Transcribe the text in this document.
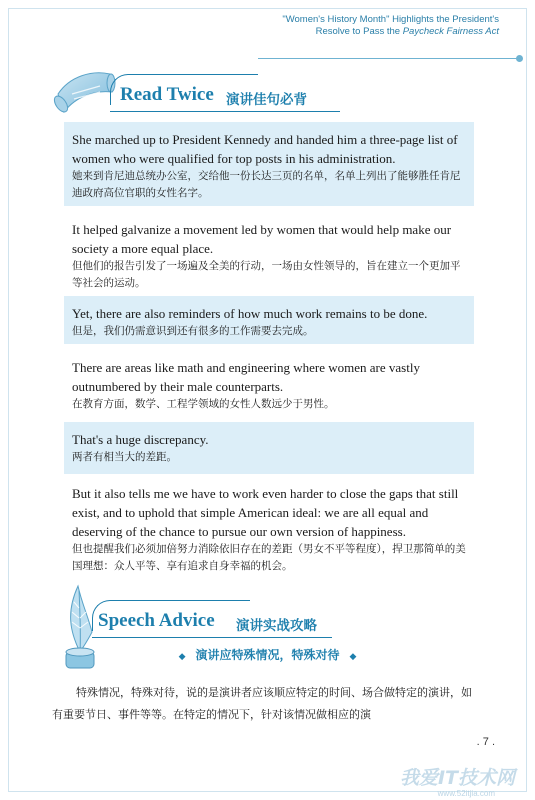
"Women's History Month" Highlights the President's
Resolve to Pass the Paycheck Fairness Act
Read Twice 演讲佳句必背

She marched up to President Kennedy and handed him a three-page list of women who were qualified for top posts in his administration.

她来到肯尼迪总统办公室，交给他一份长达三页的名单，名单上列出了能够胜任肯尼迪政府高位官职的女性名字。

It helped galvanize a movement led by women that would help make our society a more equal place.

但他们的报告引发了一场遍及全美的行动，一场由女性领导的，旨在建立一个更加平等社会的运动。

Yet, there are also reminders of how much work remains to be done.

但是，我们仍需意识到还有很多的工作需要去完成。

There are areas like math and engineering where women are vastly outnumbered by their male counterparts.

在教育方面，数学、工程学领域的女性人数远少于男性。

That's a huge discrepancy.

两者有相当大的差距。

But it also tells me we have to work even harder to close the gaps that still exist, and to uphold that simple American ideal: we are all equal and deserving of the chance to pursue our own version of happiness.

但也提醒我们必须加倍努力消除依旧存在的差距（男女不平等程度），捍卫那简单的美国理想：众人平等、享有追求自身幸福的机会。

Speech Advice 演讲实战攻略
◆ 演讲应特殊情况，特殊对待 ◆

特殊情况，特殊对待，说的是演讲者应该顺应特定的时间、场合做特定的演讲，如有重要节日、事件等等。在特定的情况下，针对该情况做相应的演

. 7 .
我爱IT技术网
www.52itjia.com
